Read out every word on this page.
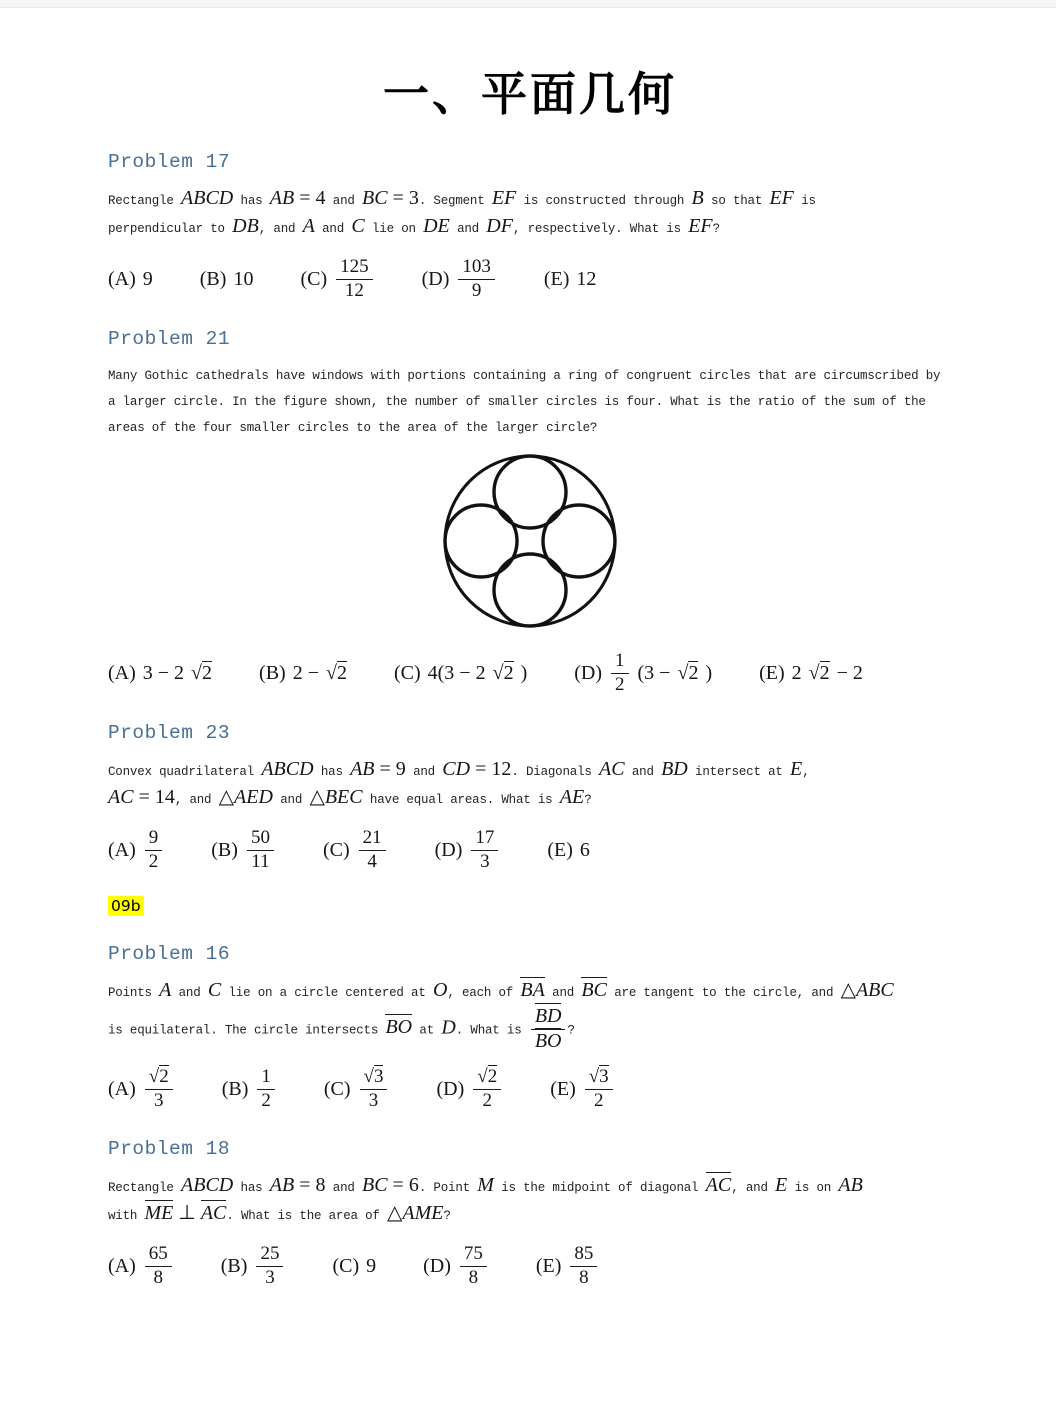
一、平面几何
Problem 17
Rectangle ABCD has AB = 4 and BC = 3. Segment EF is constructed through B so that EF is
perpendicular to DB, and A and C lie on DE and DF, respectively. What is EF?
(A) 9 (B) 10 $(C) \frac{125}{12} (D) \frac{103}{9} (E)$ 12
Problem 21
Many Gothic cathedrals have windows with portions containing a ring of congruent circles that are circumscribed by
a larger circle. In the figure shown, the number of smaller circles is four. What is the ratio of the sum of the
areas of the four smaller circles to the area of the larger circle?
(A) 3 − 2 √2 (B) 2 − √2 (C) 4(3 − 2 √2 ) $(D) \frac{1}{2} (3 - √2$ ) (E) 2 √2 − 2
Problem 23
Convex quadrilateral ABCD has AB = 9 and CD = 12. Diagonals AC and BD intersect at E,
AC = 14, and △AED and △BEC have equal areas. What is AE?
$(A) \frac{9}{2} (B) \frac{50}{11} (C) \frac{21}{4} (D) \frac{17}{3} (E)$ 6
09b
Problem 16
Points A and C lie on a circle centered at O, each of BA and BC are tangent to the circle, and △ABC
is equilateral. The circle intersects BO at D. What is $\frac{BD}{BO}$ ?
$(A) \frac{√2}{3} (B) \frac{1}{2} (C) \frac{√3}{3} (D) \frac{√2}{2} (E) \frac{√3}{2}$
Problem 18
Rectangle ABCD has AB = 8 and BC = 6. Point M is the midpoint of diagonal AC, and E is on AB
with ME ⊥ AC. What is the area of △AME?
$(A) \frac{65}{8} (B) \frac{25}{3} (C)$ 9 $(D) \frac{75}{8} (E) \frac{85}{8}$
